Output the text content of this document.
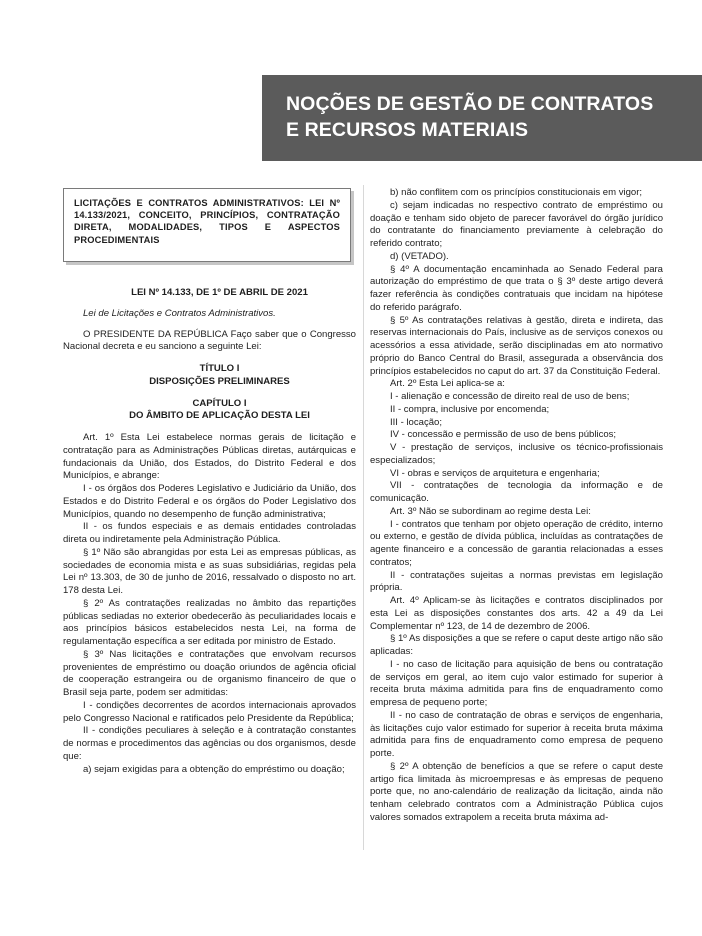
NOÇÕES DE GESTÃO DE CONTRATOS
E RECURSOS MATERIAIS
LICITAÇÕES E CONTRATOS ADMINISTRATIVOS: LEI Nº 14.133/2021, CONCEITO, PRINCÍPIOS, CONTRATAÇÃO DIRETA, MODALIDADES, TIPOS E ASPECTOS PROCEDIMENTAIS

LEI Nº 14.133, DE 1º DE ABRIL DE 2021

Lei de Licitações e Contratos Administrativos.

O PRESIDENTE DA REPÚBLICA Faço saber que o Congresso Nacional decreta e eu sanciono a seguinte Lei:

TÍTULO I

DISPOSIÇÕES PRELIMINARES

CAPÍTULO I

DO ÂMBITO DE APLICAÇÃO DESTA LEI

Art. 1º Esta Lei estabelece normas gerais de licitação e contratação para as Administrações Públicas diretas, autárquicas e fundacionais da União, dos Estados, do Distrito Federal e dos Municípios, e abrange:

I - os órgãos dos Poderes Legislativo e Judiciário da União, dos Estados e do Distrito Federal e os órgãos do Poder Legislativo dos Municípios, quando no desempenho de função administrativa;

II - os fundos especiais e as demais entidades controladas direta ou indiretamente pela Administração Pública.

§ 1º Não são abrangidas por esta Lei as empresas públicas, as sociedades de economia mista e as suas subsidiárias, regidas pela Lei nº 13.303, de 30 de junho de 2016, ressalvado o disposto no art. 178 desta Lei.

§ 2º As contratações realizadas no âmbito das repartições públicas sediadas no exterior obedecerão às peculiaridades locais e aos princípios básicos estabelecidos nesta Lei, na forma de regulamentação específica a ser editada por ministro de Estado.

§ 3º Nas licitações e contratações que envolvam recursos provenientes de empréstimo ou doação oriundos de agência oficial de cooperação estrangeira ou de organismo financeiro de que o Brasil seja parte, podem ser admitidas:

I - condições decorrentes de acordos internacionais aprovados pelo Congresso Nacional e ratificados pelo Presidente da República;

II - condições peculiares à seleção e à contratação constantes de normas e procedimentos das agências ou dos organismos, desde que:

a) sejam exigidas para a obtenção do empréstimo ou doação;

b) não conflitem com os princípios constitucionais em vigor;

c) sejam indicadas no respectivo contrato de empréstimo ou doação e tenham sido objeto de parecer favorável do órgão jurídico do contratante do financiamento previamente à celebração do referido contrato;

d) (VETADO).

§ 4º A documentação encaminhada ao Senado Federal para autorização do empréstimo de que trata o § 3º deste artigo deverá fazer referência às condições contratuais que incidam na hipótese do referido parágrafo.

§ 5º As contratações relativas à gestão, direta e indireta, das reservas internacionais do País, inclusive as de serviços conexos ou acessórios a essa atividade, serão disciplinadas em ato normativo próprio do Banco Central do Brasil, assegurada a observância dos princípios estabelecidos no caput do art. 37 da Constituição Federal.

Art. 2º Esta Lei aplica-se a:

I - alienação e concessão de direito real de uso de bens;

II - compra, inclusive por encomenda;

III - locação;

IV - concessão e permissão de uso de bens públicos;

V - prestação de serviços, inclusive os técnico-profissionais especializados;

VI - obras e serviços de arquitetura e engenharia;

VII - contratações de tecnologia da informação e de comunicação.

Art. 3º Não se subordinam ao regime desta Lei:

I - contratos que tenham por objeto operação de crédito, interno ou externo, e gestão de dívida pública, incluídas as contratações de agente financeiro e a concessão de garantia relacionadas a esses contratos;

II - contratações sujeitas a normas previstas em legislação própria.

Art. 4º Aplicam-se às licitações e contratos disciplinados por esta Lei as disposições constantes dos arts. 42 a 49 da Lei Complementar nº 123, de 14 de dezembro de 2006.

§ 1º As disposições a que se refere o caput deste artigo não são aplicadas:

I - no caso de licitação para aquisição de bens ou contratação de serviços em geral, ao item cujo valor estimado for superior à receita bruta máxima admitida para fins de enquadramento como empresa de pequeno porte;

II - no caso de contratação de obras e serviços de engenharia, às licitações cujo valor estimado for superior à receita bruta máxima admitida para fins de enquadramento como empresa de pequeno porte.

§ 2º A obtenção de benefícios a que se refere o caput deste artigo fica limitada às microempresas e às empresas de pequeno porte que, no ano-calendário de realização da licitação, ainda não tenham celebrado contratos com a Administração Pública cujos valores somados extrapolem a receita bruta máxima ad-
